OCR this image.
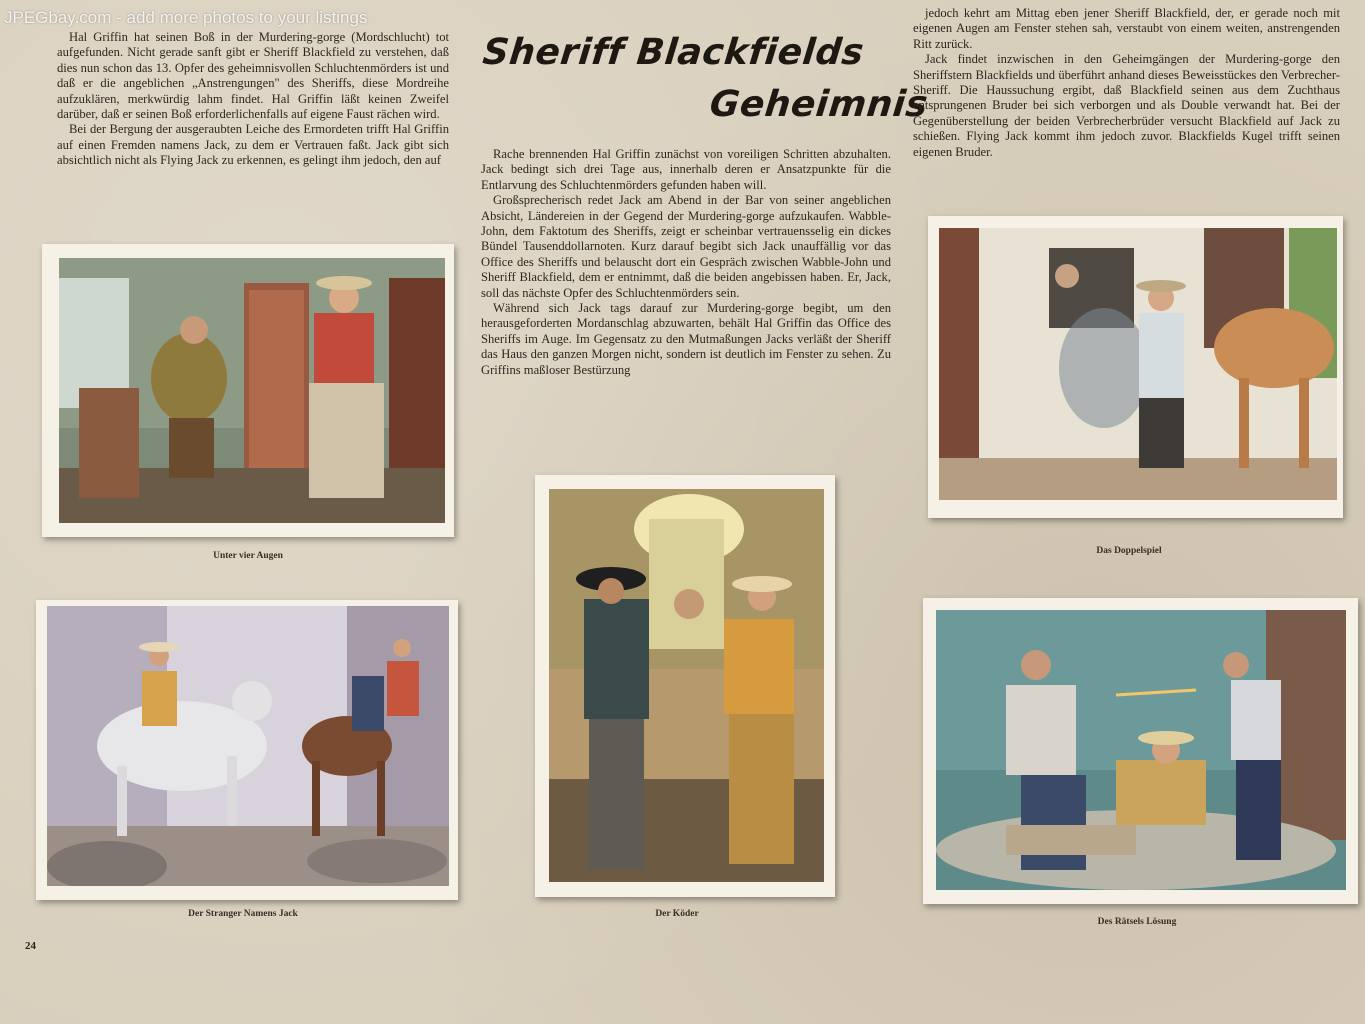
JPEGbay.com - add more photos to your listings

Hal Griffin hat seinen Boß in der Murdering-gorge (Mordschlucht) tot aufgefunden. Nicht gerade sanft gibt er Sheriff Blackfield zu verstehen, daß dies nun schon das 13. Opfer des geheimnisvollen Schluchtenmörders ist und daß er die angeblichen „Anstrengungen" des Sheriffs, diese Mordreihe aufzuklären, merkwürdig lahm findet. Hal Griffin läßt keinen Zweifel darüber, daß er seinen Boß erforderlichenfalls auf eigene Faust rächen wird.

Bei der Bergung der ausgeraubten Leiche des Ermordeten trifft Hal Griffin auf einen Fremden namens Jack, zu dem er Vertrauen faßt. Jack gibt sich absichtlich nicht als Flying Jack zu erkennen, es gelingt ihm jedoch, den auf

Sheriff Blackfields
Geheimnis

Rache brennenden Hal Griffin zunächst von voreiligen Schritten abzuhalten. Jack bedingt sich drei Tage aus, innerhalb deren er Ansatzpunkte für die Entlarvung des Schluchtenmörders gefunden haben will.

Großsprecherisch redet Jack am Abend in der Bar von seiner angeblichen Absicht, Ländereien in der Gegend der Murdering-gorge aufzukaufen. Wabble-John, dem Faktotum des Sheriffs, zeigt er scheinbar vertrauensselig ein dickes Bündel Tausenddollarnoten. Kurz darauf begibt sich Jack unauffällig vor das Office des Sheriffs und belauscht dort ein Gespräch zwischen Wabble-John und Sheriff Blackfield, dem er entnimmt, daß die beiden angebissen haben. Er, Jack, soll das nächste Opfer des Schluchtenmörders sein.

Während sich Jack tags darauf zur Murdering-gorge begibt, um den herausgeforderten Mordanschlag abzuwarten, behält Hal Griffin das Office des Sheriffs im Auge. Im Gegensatz zu den Mutmaßungen Jacks verläßt der Sheriff das Haus den ganzen Morgen nicht, sondern ist deutlich im Fenster zu sehen. Zu Griffins maßloser Bestürzung

jedoch kehrt am Mittag eben jener Sheriff Blackfield, der, er gerade noch mit eigenen Augen am Fenster stehen sah, verstaubt von einem weiten, anstrengenden Ritt zurück.

Jack findet inzwischen in den Geheimgängen der Murdering-gorge den Sheriffstern Blackfields und überführt anhand dieses Beweisstückes den Verbrecher-Sheriff. Die Haussuchung ergibt, daß Blackfield seinen aus dem Zuchthaus entsprungenen Bruder bei sich verborgen und als Double verwandt hat. Bei der Gegenüberstellung der beiden Verbrecherbrüder versucht Blackfield auf Jack zu schießen. Flying Jack kommt ihm jedoch zuvor. Blackfields Kugel trifft seinen eigenen Bruder.

Unter vier Augen	Das Doppelspiel
Der Stranger Namens Jack	Der Köder
Des Rätsels Lösung
24
